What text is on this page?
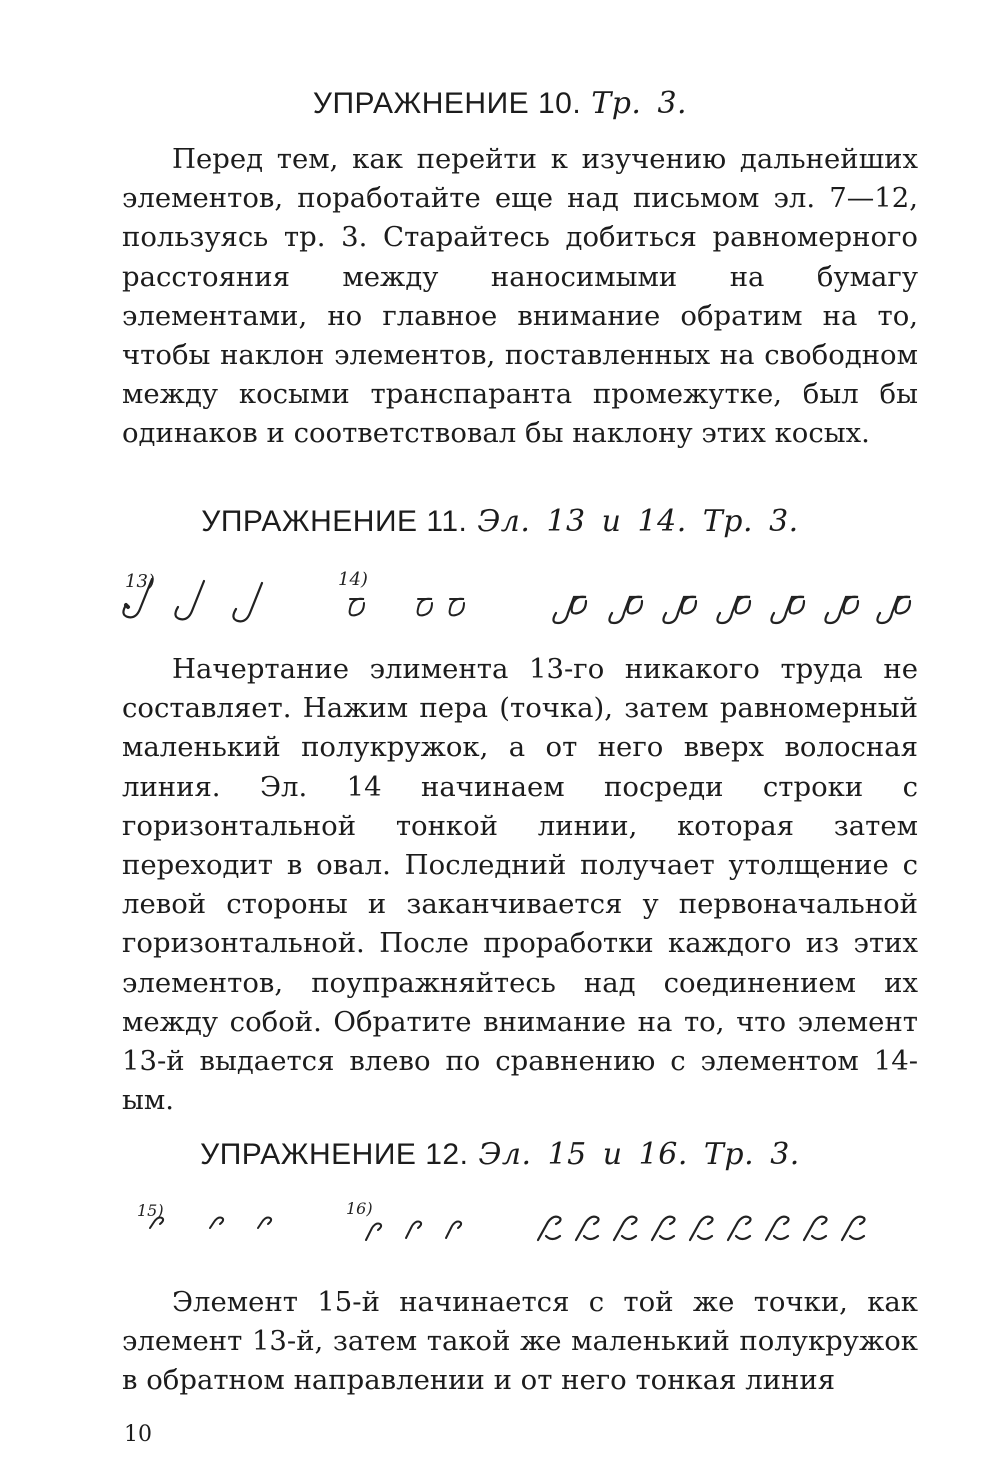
УПРАЖНЕНИЕ 10. Тр. 3.

Перед тем, как перейти к изучению дальнейших элементов, поработайте еще над письмом эл. 7—12, пользуясь тр. 3. Старайтесь добиться равномерного расстояния между наносимыми на бумагу элементами, но главное внимание обратим на то, чтобы наклон элементов, поставленных на свободном между косыми транспаранта промежутке, был бы одинаков и соответствовал бы наклону этих косых.

УПРАЖНЕНИЕ 11. Эл. 13 и 14. Тр. 3.
13)	14)

Начертание элимента 13-го никакого труда не составляет. Нажим пера (точка), затем равномерный маленький полукружок, а от него вверх волосная линия. Эл. 14 начинаем посреди строки с горизонтальной тонкой линии, которая затем переходит в овал. Последний получает утолщение с левой стороны и заканчивается у первоначальной горизонтальной. После проработки каждого из этих элементов, поупражняйтесь над соединением их между собой. Обратите внимание на то, что элемент 13-й выдается влево по сравнению с элементом 14-ым.

УПРАЖНЕНИЕ 12. Эл. 15 и 16. Тр. 3.
15)	16)

Элемент 15-й начинается с той же точки, как элемент 13-й, затем такой же маленький полукружок в обратном направлении и от него тонкая линия

10
